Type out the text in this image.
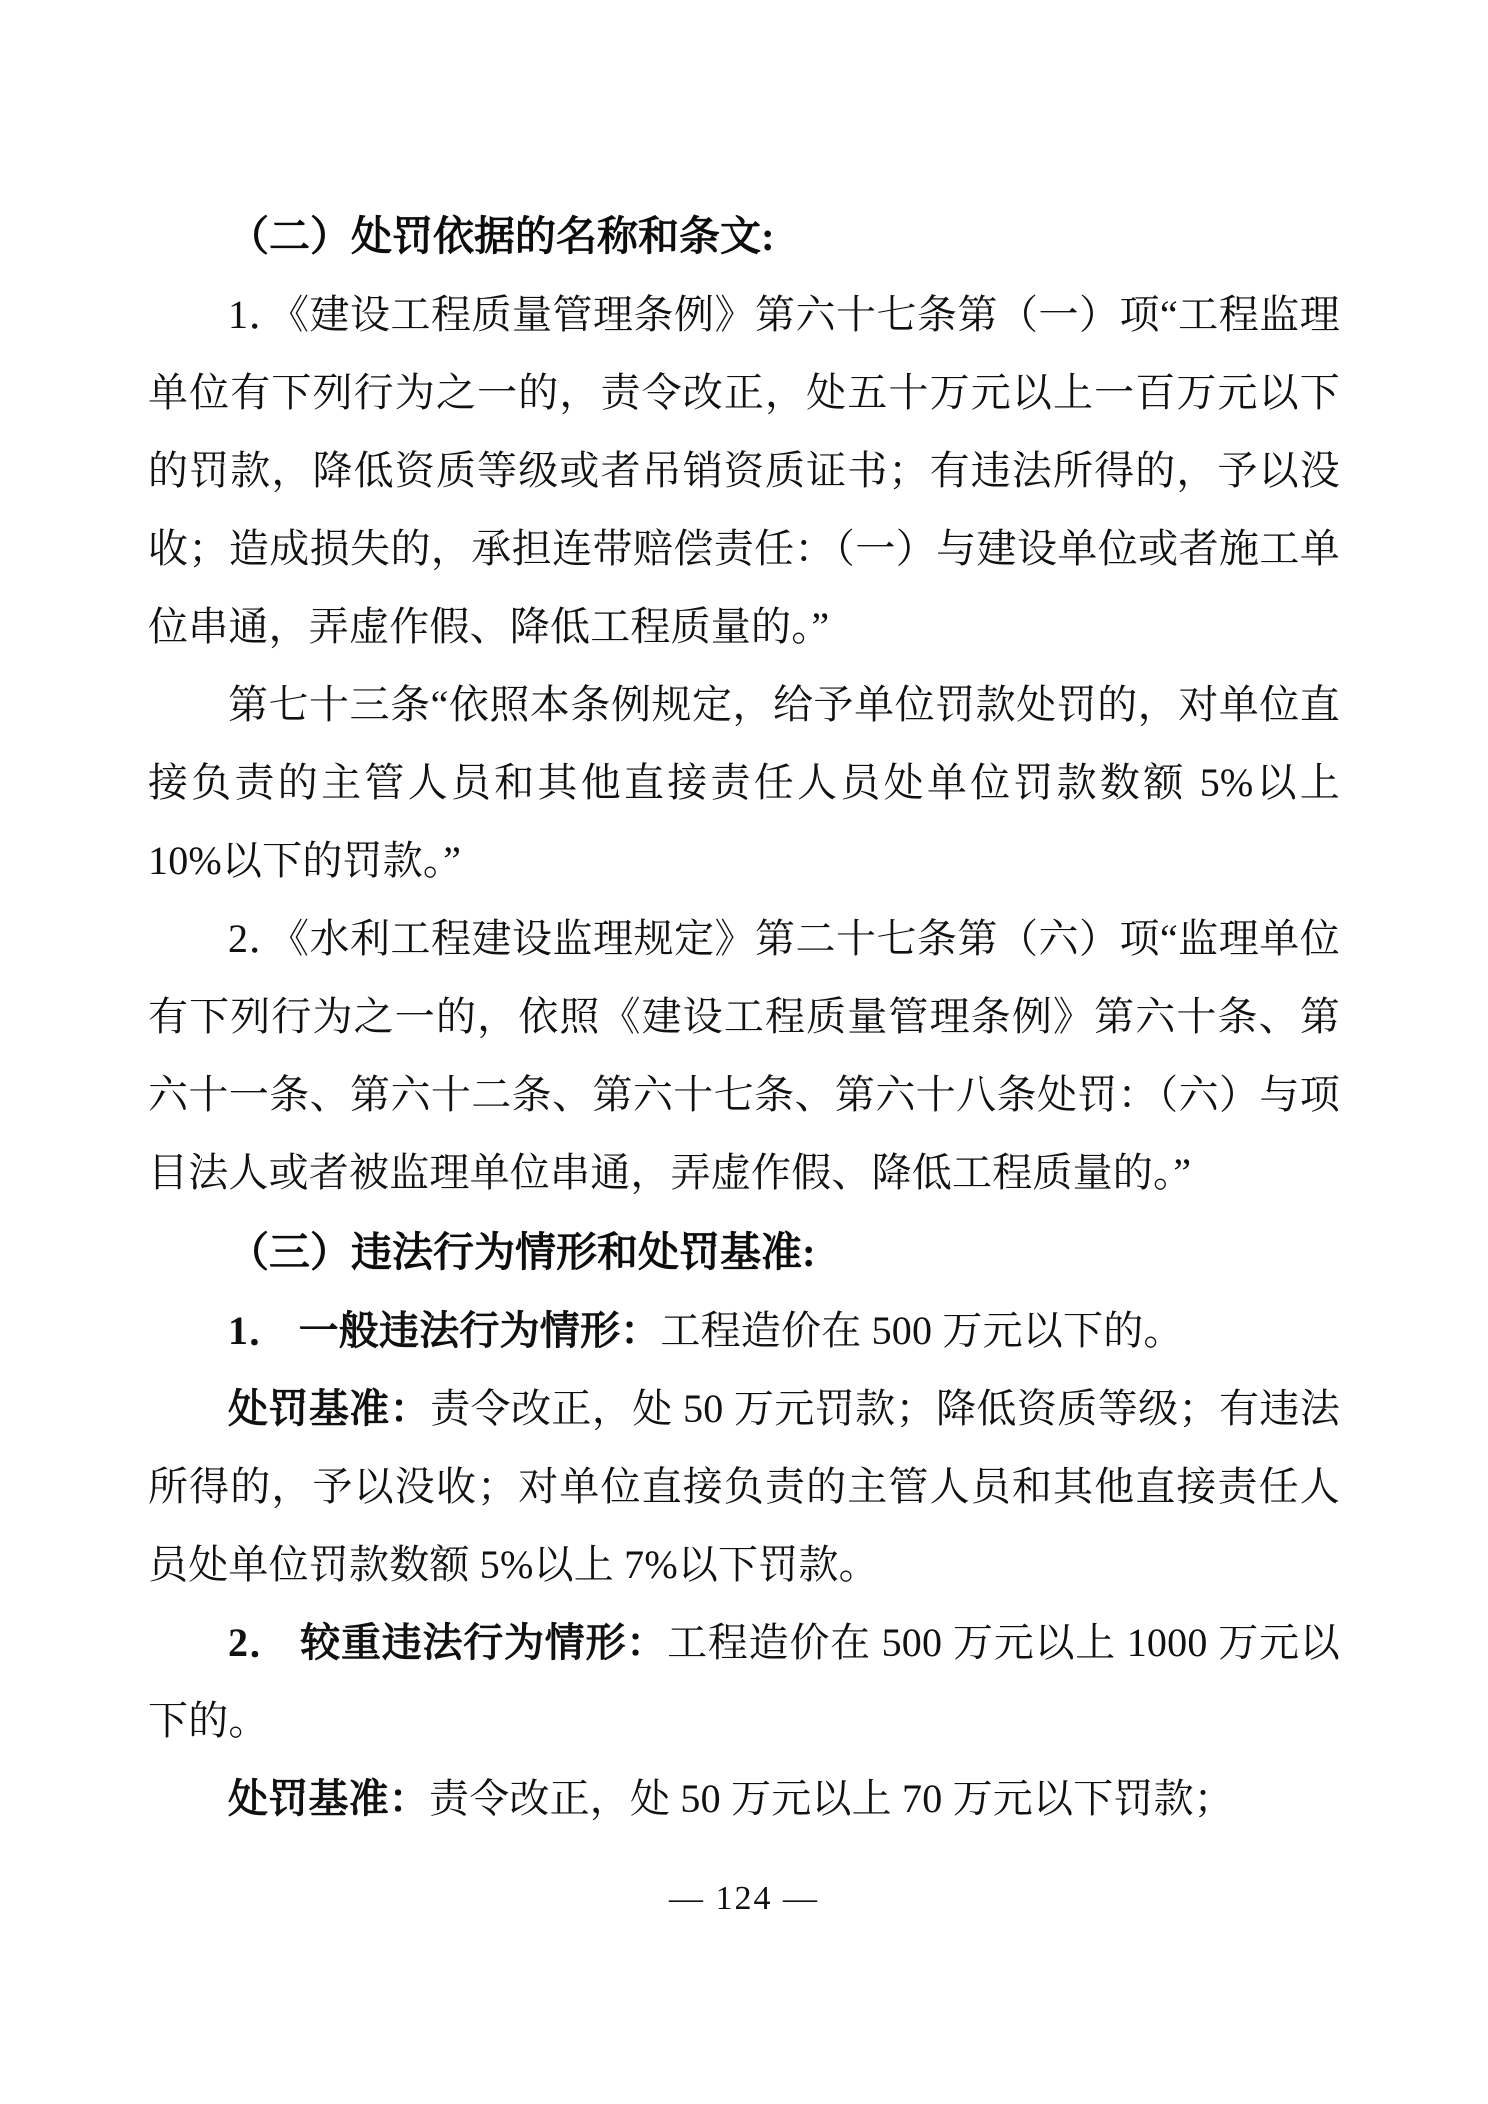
（二）处罚依据的名称和条文:

1．《建设工程质量管理条例》第六十七条第（一）项“工程监理单位有下列行为之一的，责令改正，处五十万元以上一百万元以下的罚款，降低资质等级或者吊销资质证书；有违法所得的，予以没收；造成损失的，承担连带赔偿责任：（一）与建设单位或者施工单位串通，弄虚作假、降低工程质量的。”

第七十三条“依照本条例规定，给予单位罚款处罚的，对单位直接负责的主管人员和其他直接责任人员处单位罚款数额 5%以上 10%以下的罚款。”

2．《水利工程建设监理规定》第二十七条第（六）项“监理单位有下列行为之一的，依照《建设工程质量管理条例》第六十条、第六十一条、第六十二条、第六十七条、第六十八条处罚：（六）与项目法人或者被监理单位串通，弄虚作假、降低工程质量的。”

（三）违法行为情形和处罚基准:

1． 一般违法行为情形：工程造价在 500 万元以下的。

处罚基准：责令改正，处 50 万元罚款；降低资质等级；有违法所得的，予以没收；对单位直接负责的主管人员和其他直接责任人员处单位罚款数额 5%以上 7%以下罚款。

2． 较重违法行为情形：工程造价在 500 万元以上 1000 万元以下的。

处罚基准：责令改正，处 50 万元以上 70 万元以下罚款；

— 124 —
